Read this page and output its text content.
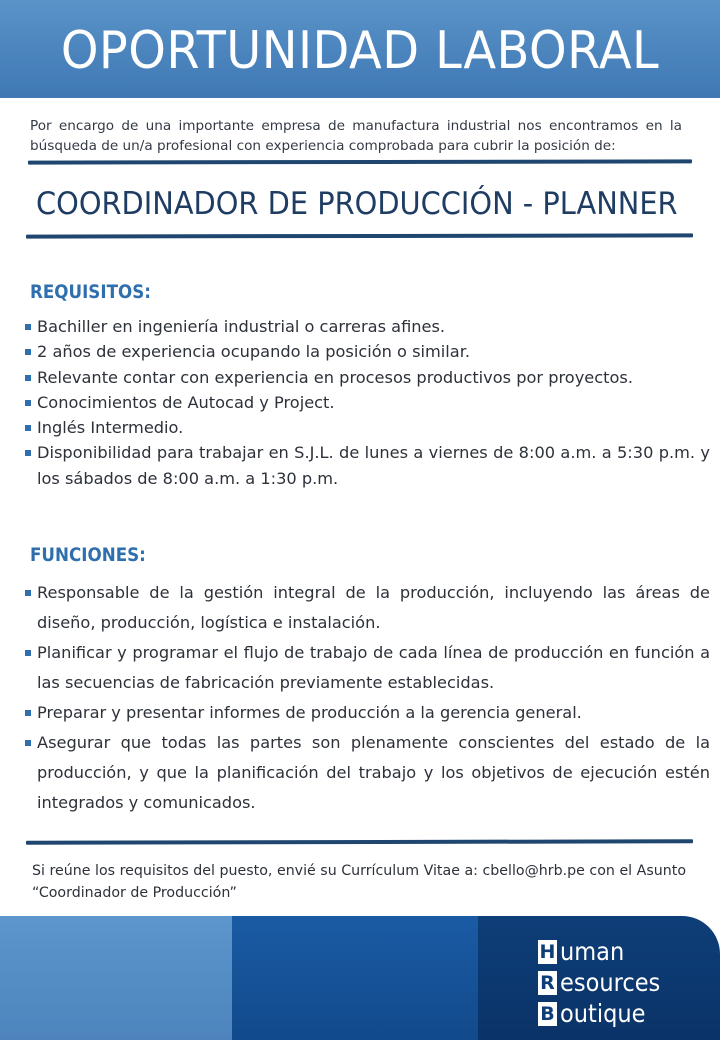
OPORTUNIDAD LABORAL
Por encargo de una importante empresa de manufactura industrial nos encontramos en la búsqueda de un/a profesional con experiencia comprobada para cubrir la posición de:
COORDINADOR DE PRODUCCIÓN - PLANNER
REQUISITOS:
Bachiller en ingeniería industrial o carreras afines.
2 años de experiencia ocupando la posición o similar.
Relevante contar con experiencia en procesos productivos por proyectos.
Conocimientos de Autocad y Project.
Inglés Intermedio.
Disponibilidad para trabajar en S.J.L. de lunes a viernes de 8:00 a.m. a 5:30 p.m. y los sábados de 8:00 a.m. a 1:30 p.m.
FUNCIONES:
Responsable de la gestión integral de la producción, incluyendo las áreas de diseño, producción, logística e instalación.
Planificar y programar el flujo de trabajo de cada línea de producción en función a las secuencias de fabricación previamente establecidas.
Preparar y presentar informes de producción a la gerencia general.
Asegurar que todas las partes son plenamente conscientes del estado de la producción, y que la planificación del trabajo y los objetivos de ejecución estén integrados y comunicados.
Si reúne los requisitos del puesto, envié su Currículum Vitae a: cbello@hrb.pe con el Asunto “Coordinador de Producción”
H uman
R esources
B outique
